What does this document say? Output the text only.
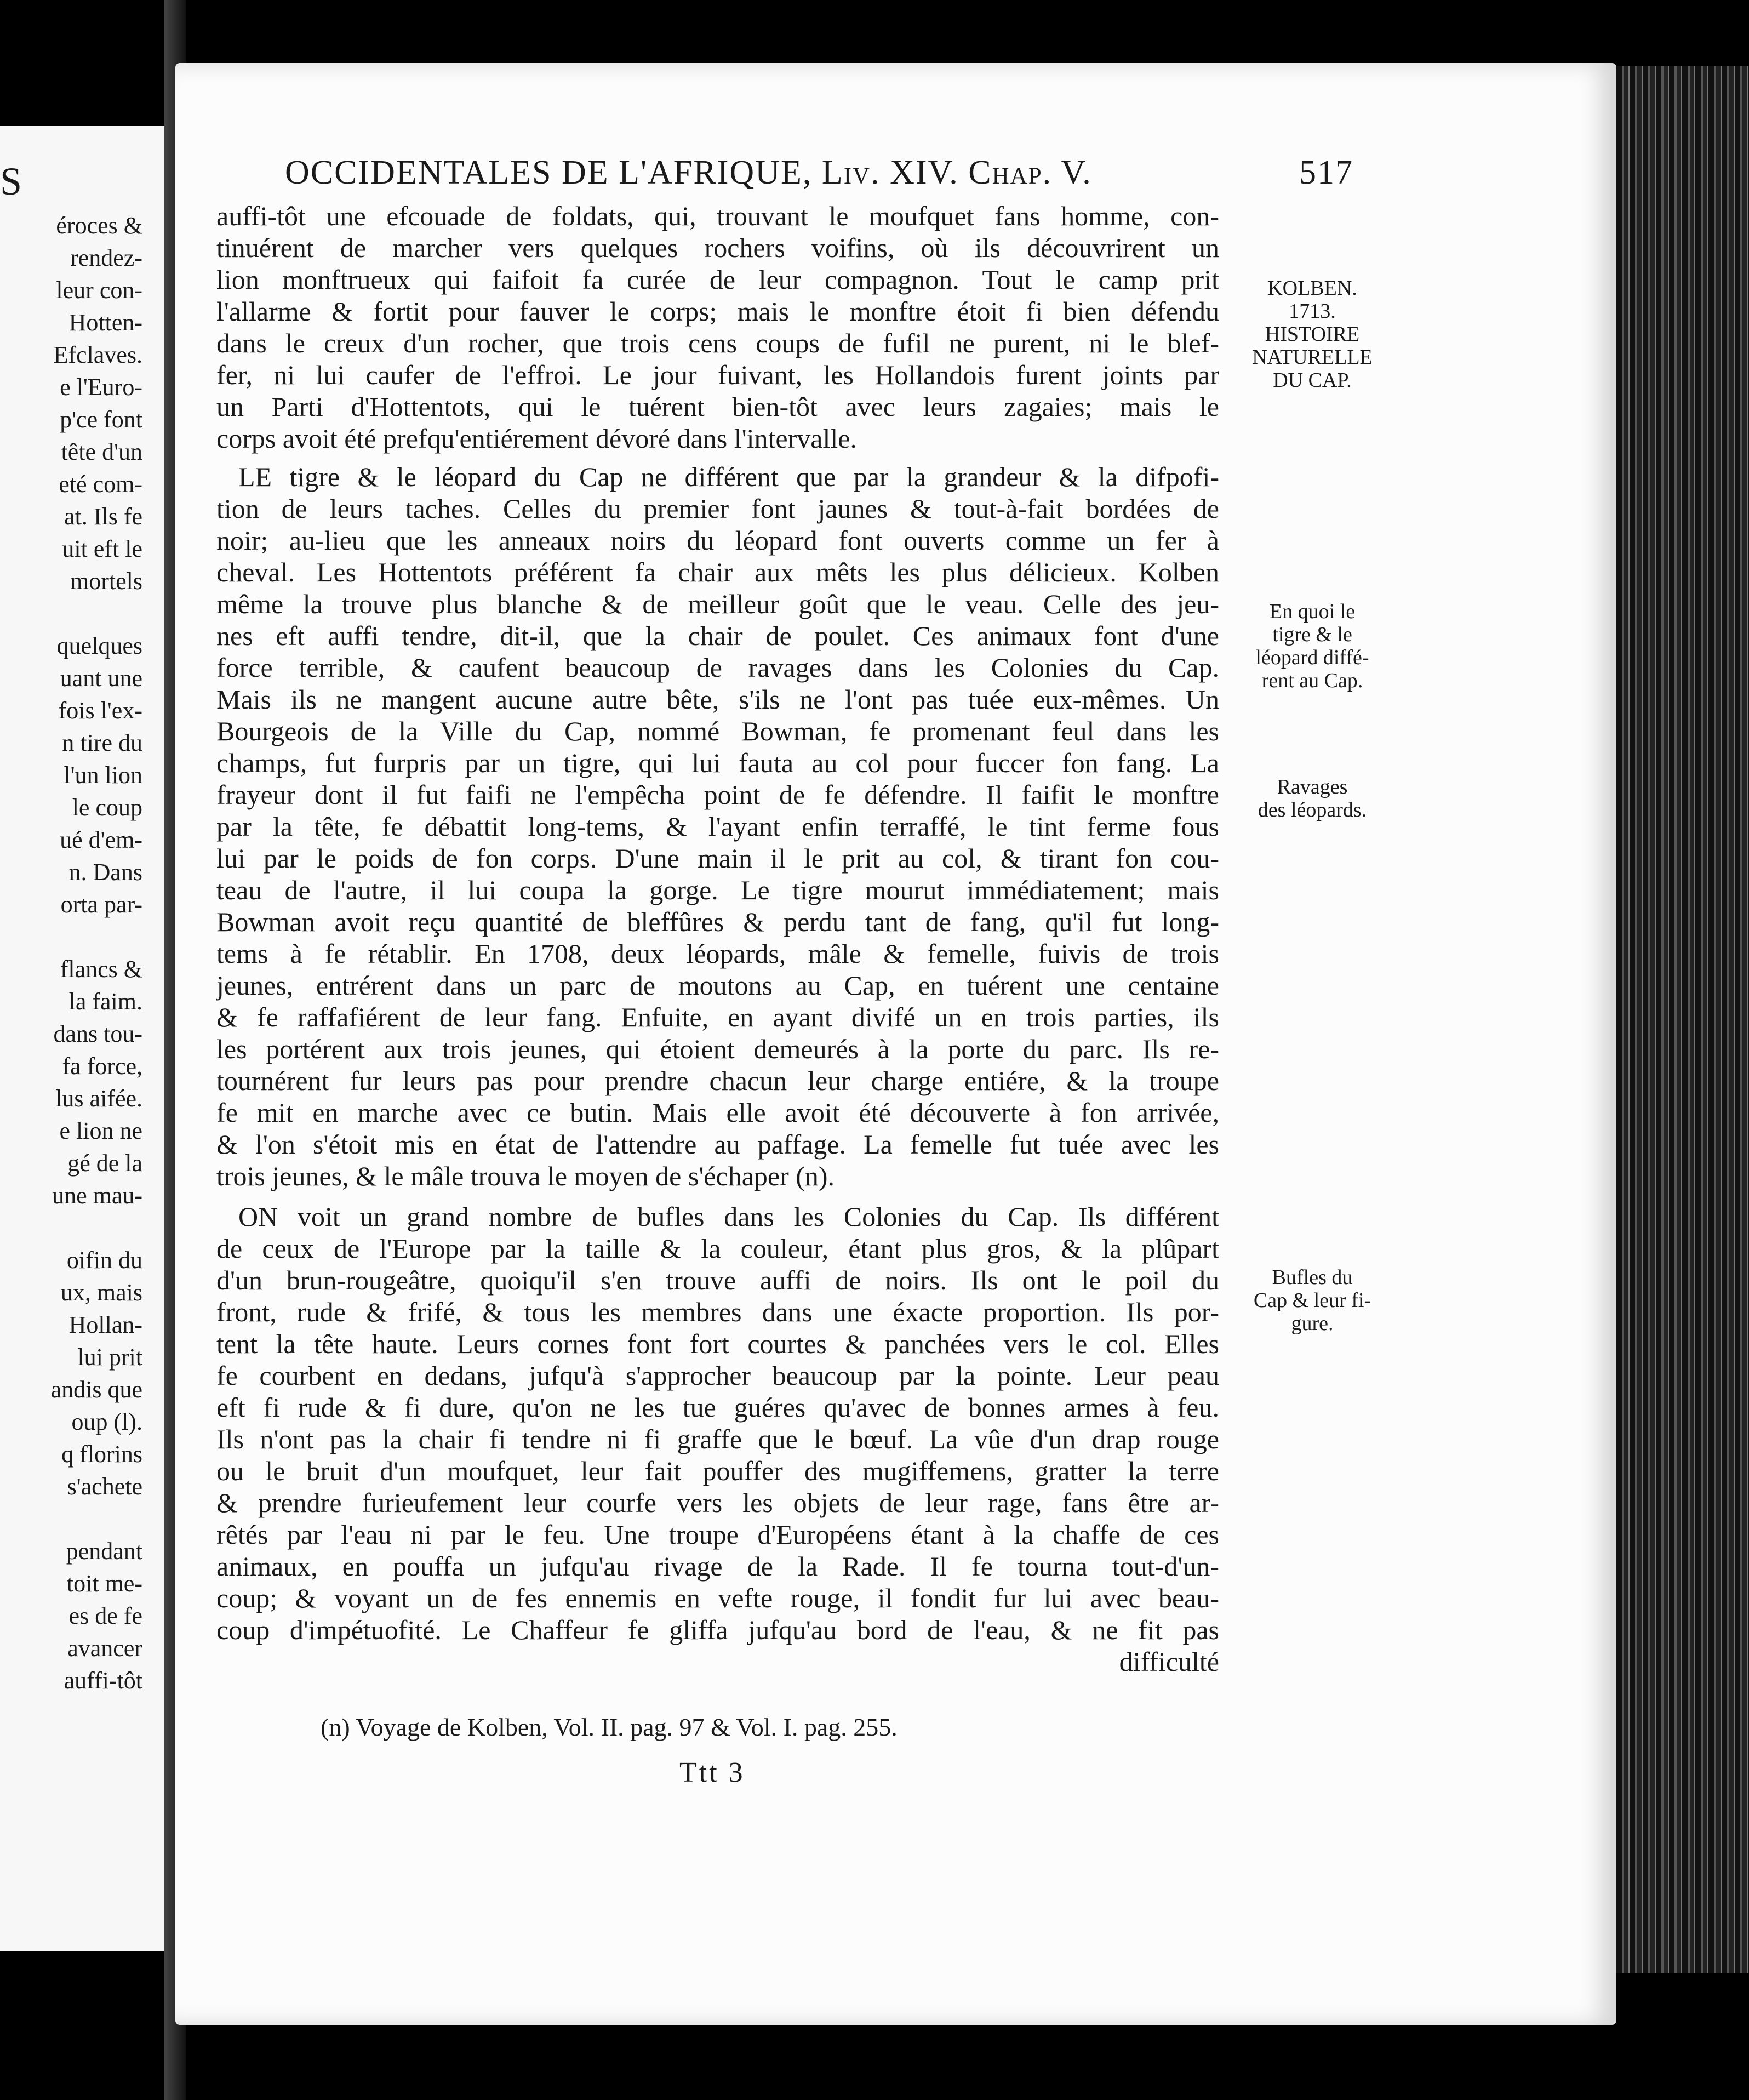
S
éroces &
rendez-
leur con-
Hotten-
Efclaves.
e l'Euro-
p'ce font
tête d'un
eté com-
at. Ils fe
uit eft le
mortels
quelques
uant une
fois l'ex-
n tire du
l'un lion
le coup
ué d'em-
n. Dans
orta par-
flancs &
la faim.
dans tou-
fa force,
lus aifée.
e lion ne
gé de la
une mau-
oifin du
ux, mais
Hollan-
lui prit
andis que
oup (l).
q florins
s'achete
pendant
toit me-
es de fe
avancer
auffi-tôt
OCCIDENTALES DE L'AFRIQUE, Liv. XIV. Chap. V.	517
auffi-tôt une efcouade de foldats, qui, trouvant le moufquet fans homme, con-
tinuérent de marcher vers quelques rochers voifins, où ils découvrirent un
lion monftrueux qui faifoit fa curée de leur compagnon. Tout le camp prit
l'allarme & fortit pour fauver le corps; mais le monftre étoit fi bien défendu
dans le creux d'un rocher, que trois cens coups de fufil ne purent, ni le blef-
fer, ni lui caufer de l'effroi. Le jour fuivant, les Hollandois furent joints par
un Parti d'Hottentots, qui le tuérent bien-tôt avec leurs zagaies; mais le
corps avoit été prefqu'entiérement dévoré dans l'intervalle.
LE tigre & le léopard du Cap ne différent que par la grandeur & la difpofi-
tion de leurs taches. Celles du premier font jaunes & tout-à-fait bordées de
noir; au-lieu que les anneaux noirs du léopard font ouverts comme un fer à
cheval. Les Hottentots préférent fa chair aux mêts les plus délicieux. Kolben
même la trouve plus blanche & de meilleur goût que le veau. Celle des jeu-
nes eft auffi tendre, dit-il, que la chair de poulet. Ces animaux font d'une
force terrible, & caufent beaucoup de ravages dans les Colonies du Cap.
Mais ils ne mangent aucune autre bête, s'ils ne l'ont pas tuée eux-mêmes. Un
Bourgeois de la Ville du Cap, nommé Bowman, fe promenant feul dans les
champs, fut furpris par un tigre, qui lui fauta au col pour fuccer fon fang. La
frayeur dont il fut faifi ne l'empêcha point de fe défendre. Il faifit le monftre
par la tête, fe débattit long-tems, & l'ayant enfin terraffé, le tint ferme fous
lui par le poids de fon corps. D'une main il le prit au col, & tirant fon cou-
teau de l'autre, il lui coupa la gorge. Le tigre mourut immédiatement; mais
Bowman avoit reçu quantité de bleffûres & perdu tant de fang, qu'il fut long-
tems à fe rétablir. En 1708, deux léopards, mâle & femelle, fuivis de trois
jeunes, entrérent dans un parc de moutons au Cap, en tuérent une centaine
& fe raffafiérent de leur fang. Enfuite, en ayant divifé un en trois parties, ils
les portérent aux trois jeunes, qui étoient demeurés à la porte du parc. Ils re-
tournérent fur leurs pas pour prendre chacun leur charge entiére, & la troupe
fe mit en marche avec ce butin. Mais elle avoit été découverte à fon arrivée,
& l'on s'étoit mis en état de l'attendre au paffage. La femelle fut tuée avec les
trois jeunes, & le mâle trouva le moyen de s'échaper (n).
ON voit un grand nombre de bufles dans les Colonies du Cap. Ils différent
de ceux de l'Europe par la taille & la couleur, étant plus gros, & la plûpart
d'un brun-rougeâtre, quoiqu'il s'en trouve auffi de noirs. Ils ont le poil du
front, rude & frifé, & tous les membres dans une éxacte proportion. Ils por-
tent la tête haute. Leurs cornes font fort courtes & panchées vers le col. Elles
fe courbent en dedans, jufqu'à s'approcher beaucoup par la pointe. Leur peau
eft fi rude & fi dure, qu'on ne les tue guéres qu'avec de bonnes armes à feu.
Ils n'ont pas la chair fi tendre ni fi graffe que le bœuf. La vûe d'un drap rouge
ou le bruit d'un moufquet, leur fait pouffer des mugiffemens, gratter la terre
& prendre furieufement leur courfe vers les objets de leur rage, fans être ar-
rêtés par l'eau ni par le feu. Une troupe d'Européens étant à la chaffe de ces
animaux, en pouffa un jufqu'au rivage de la Rade. Il fe tourna tout-d'un-
coup; & voyant un de fes ennemis en vefte rouge, il fondit fur lui avec beau-
coup d'impétuofité. Le Chaffeur fe gliffa jufqu'au bord de l'eau, & ne fit pas
difficulté
KOLBEN.
1713.
HISTOIRE
NATURELLE
DU CAP.
En quoi le
tigre & le
léopard diffé-
rent au Cap.
Ravages
des léopards.
Bufles du
Cap & leur fi-
gure.
(n) Voyage de Kolben, Vol. II. pag. 97 & Vol. I. pag. 255.
Ttt 3
